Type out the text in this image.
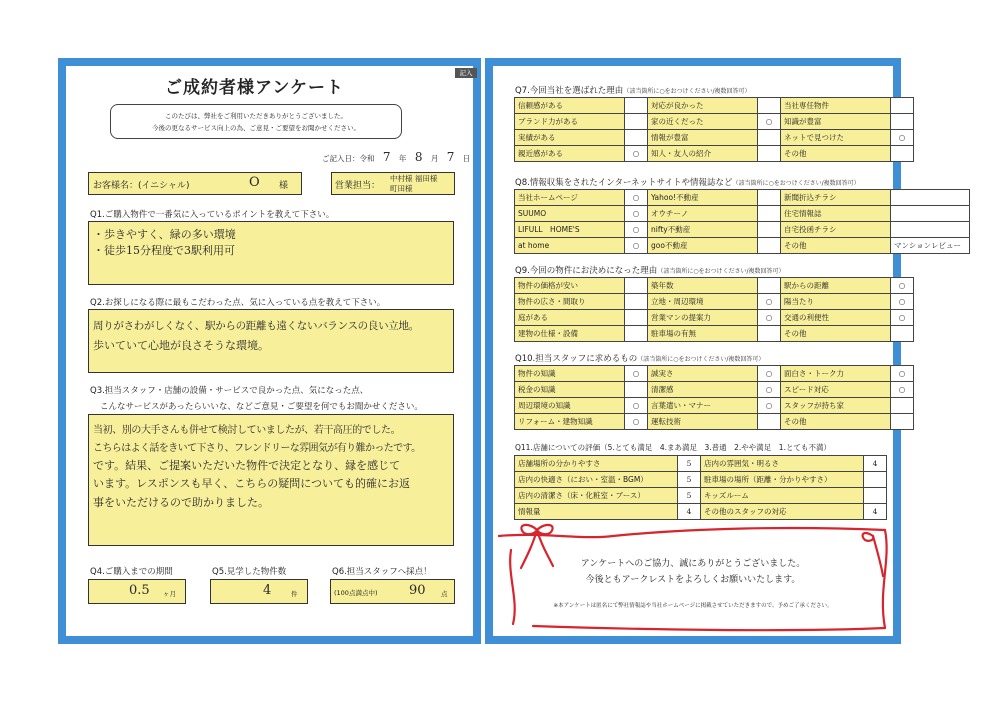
記入
ご成約者様アンケート
このたびは、弊社をご利用いただきありがとうございました。
今後の更なるサービス向上の為、ご意見・ご要望をお聞かせください。
ご記入日：令和 7 年 8 月 7 日
お客様名：(イニシャル)	O 様	営業担当：
中村様 福田様
町田様
Q1.ご購入物件で一番気に入っているポイントを教えて下さい。
・歩きやすく、緑の多い環境
・徒歩15分程度で3駅利用可
Q2.お探しになる際に最もこだわった点、気に入っている点を教えて下さい。
周りがさわがしくなく、駅からの距離も遠くないバランスの良い立地。
歩いていて心地が良さそうな環境。
Q3.担当スタッフ・店舗の設備・サービスで良かった点、気になった点、
こんなサービスがあったらいいな、などご意見・ご要望を何でもお聞かせください。
当初、別の大手さんも併せて検討していましたが、若干高圧的でした。
こちらはよく話をきいて下さり、フレンドリーな雰囲気が有り難かったです。
です。結果、ご提案いただいた物件で決定となり、縁を感じて
います。レスポンスも早く、こちらの疑問についても的確にお返
事をいただけるので助かりました。
Q4.ご購入までの期間
0.5 ヶ月
Q5.見学した物件数
4	件
Q6.担当スタッフへ採点！
(100点満点中) 90 点
Q7.今回当社を選ばれた理由（該当箇所に○をおつけください/複数回答可）
信頼感がある		対応が良かった		当社専任物件	
ブランド力がある		家の近くだった	○	知識が豊富	
実績がある		情報が豊富		ネットで見つけた	○
親近感がある	○	知人・友人の紹介		その他	
Q8.情報収集をされたインターネットサイトや情報誌など（該当箇所に○をおつけください/複数回答可）
当社ホームページ	○	Yahoo!不動産		新聞折込チラシ	
SUUMO	○	オウチーノ		住宅情報誌	
LIFULL　HOME'S	○	nifty不動産		自宅投函チラシ	
at home	○	goo不動産		その他	マンションレビュー
Q9.今回の物件にお決めになった理由（該当箇所に○をおつけください/複数回答可）
物件の価格が安い		築年数		駅からの距離	○
物件の広さ・間取り		立地・周辺環境	○	陽当たり	○
庭がある		営業マンの提案力	○	交通の利便性	○
建物の仕様・設備		駐車場の有無		その他	
Q10.担当スタッフに求めるもの（該当箇所に○をおつけください/複数回答可）
物件の知識	○	誠実さ	○	面白さ・トーク力	○
税金の知識		清潔感	○	スピード対応	○
周辺環境の知識	○	言葉遣い・マナー	○	スタッフが持ち家	
リフォーム・建物知識	○	運転技術		その他	
Q11.店舗についての評価（5.とても満足　4.まあ満足　3.普通　2.やや満足　1.とても不満）
店舗場所の分かりやすさ	5	店内の雰囲気・明るさ	4
店内の快適さ（におい・室温・BGM）	5	駐車場の場所（距離・分かりやすさ）	
店内の清潔さ（床・化粧室・ブース）	5	キッズルーム	
情報量	4	その他のスタッフの対応	4
アンケートへのご協力、誠にありがとうございました。
今後ともアークレストをよろしくお願いいたします。
※本アンケートは匿名にて弊社情報誌や当社ホームページに掲載させていただきますので、予めご了承ください。
